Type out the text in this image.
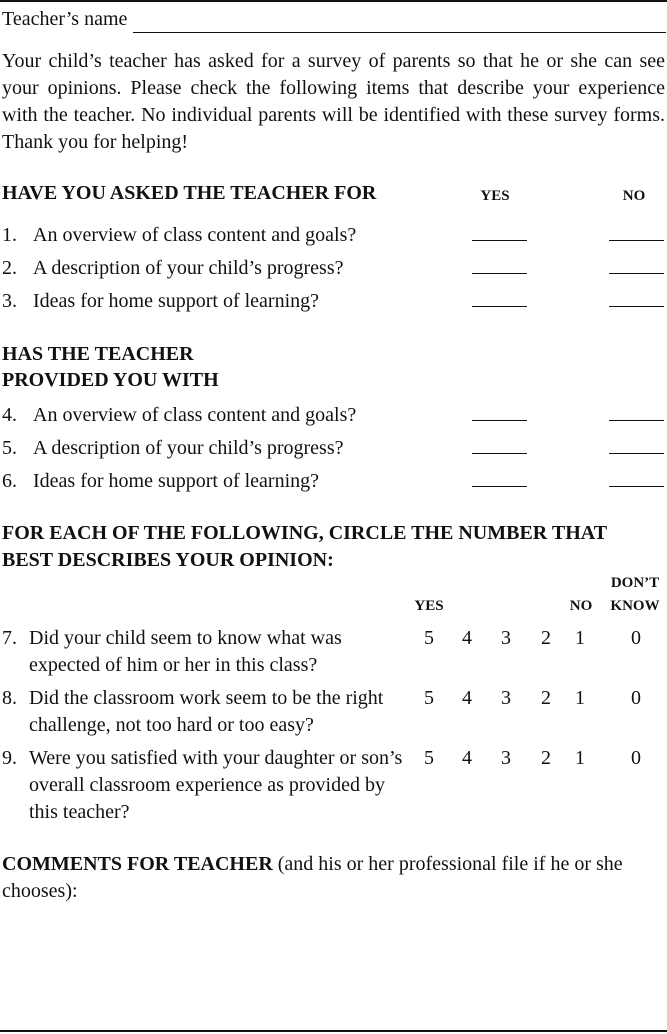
Teacher’s name
Your child’s teacher has asked for a survey of parents so that he or she can see your opinions. Please check the following items that describe your experience with the teacher. No individual parents will be identified with these survey forms. Thank you for helping!
HAVE YOU ASKED THE TEACHER FOR	YES	NO
1. An overview of class content and goals?
2. A description of your child’s progress?
3. Ideas for home support of learning?
HAS THE TEACHER
PROVIDED YOU WITH
4. An overview of class content and goals?
5. A description of your child’s progress?
6. Ideas for home support of learning?
FOR EACH OF THE FOLLOWING, CIRCLE THE NUMBER THAT
BEST DESCRIBES YOUR OPINION:
YES	NO
DON’T
KNOW
7. Did your child seem to know what was expected of him or her in this class?
5 4 3 2 1 0
8. Did the classroom work seem to be the right challenge, not too hard or too easy?
5 4 3 2 1 0
9. Were you satisfied with your daughter or son’s overall classroom experience as provided by this teacher?
5 4 3 2 1 0
COMMENTS FOR TEACHER (and his or her professional file if he or she chooses):
